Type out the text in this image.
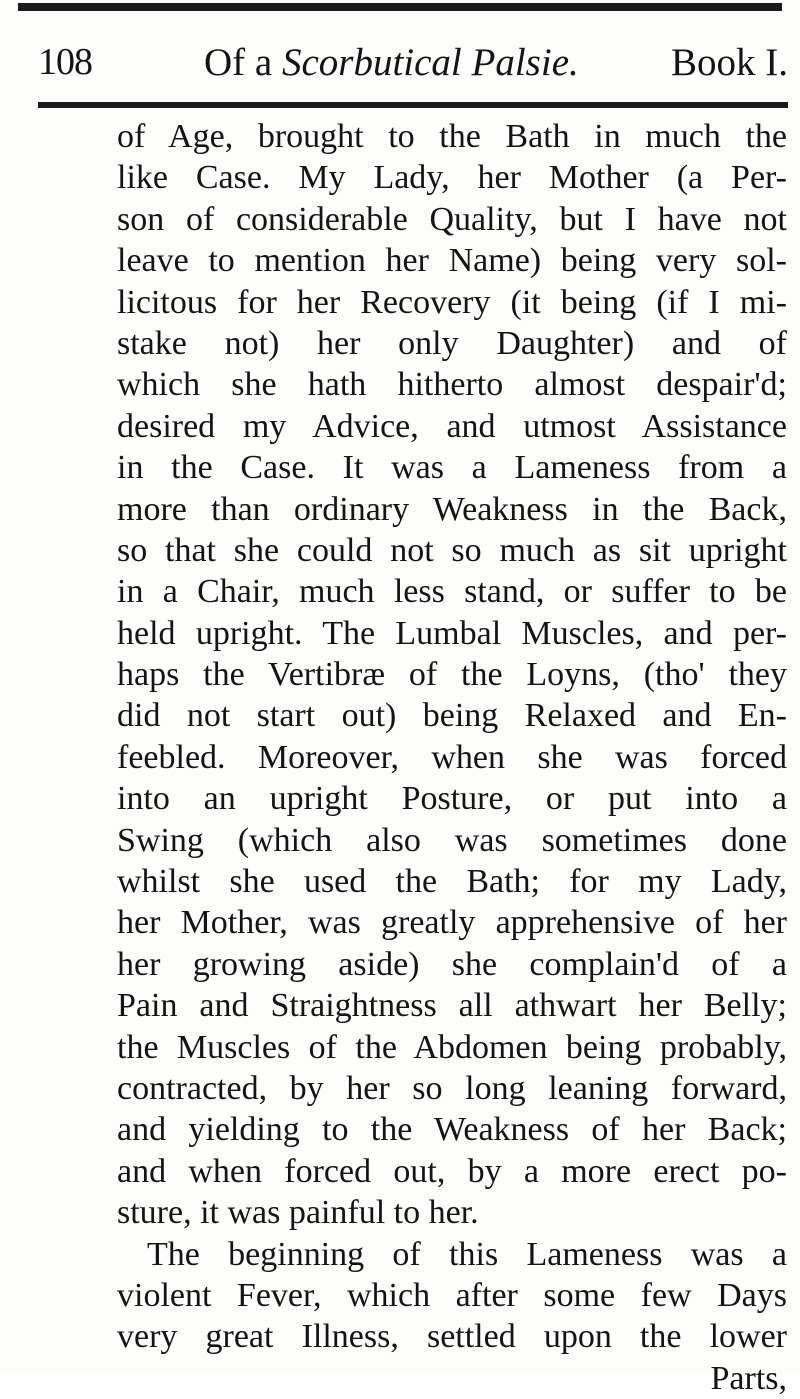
108	Of a Scorbutical Palsie. Book I.
of Age, brought to the Bath in much the
like Case. My Lady, her Mother (a Per-
son of considerable Quality, but I have not
leave to mention her Name) being very sol-
licitous for her Recovery (it being (if I mi-
stake not) her only Daughter) and of
which she hath hitherto almost despair'd;
desired my Advice, and utmost Assistance
in the Case. It was a Lameness from a
more than ordinary Weakness in the Back,
so that she could not so much as sit upright
in a Chair, much less stand, or suffer to be
held upright. The Lumbal Muscles, and per-
haps the Vertibræ of the Loyns, (tho' they
did not start out) being Relaxed and En-
feebled. Moreover, when she was forced
into an upright Posture, or put into a
Swing (which also was sometimes done
whilst she used the Bath; for my Lady,
her Mother, was greatly apprehensive of her
her growing aside) she complain'd of a
Pain and Straightness all athwart her Belly;
the Muscles of the Abdomen being probably,
contracted, by her so long leaning forward,
and yielding to the Weakness of her Back;
and when forced out, by a more erect po-
sture, it was painful to her.
The beginning of this Lameness was a
violent Fever, which after some few Days
very great Illness, settled upon the lower
Parts,
